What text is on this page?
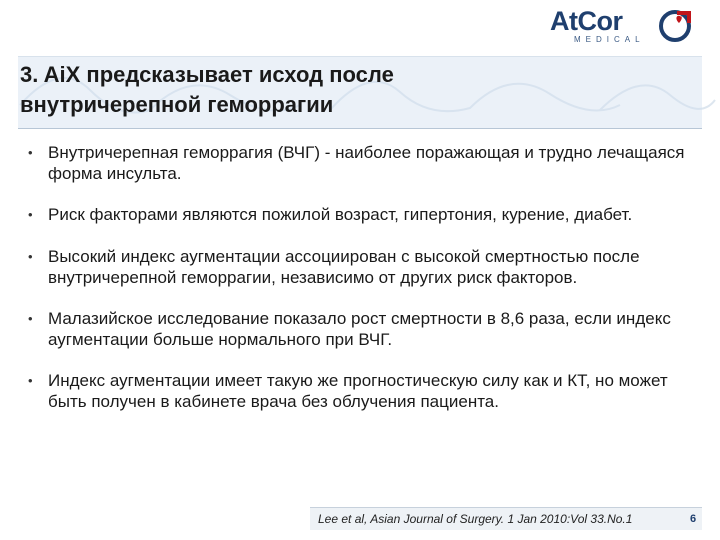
AtCor
MEDICAL
3. AiX предсказывает исход после внутричерепной геморрагии
• Внутричерепная геморрагия (ВЧГ) - наиболее поражающая и трудно лечащаяся форма инсульта.
• Риск факторами являются пожилой возраст, гипертония, курение, диабет.
• Высокий индекс аугментации ассоциирован с высокой смертностью после внутричерепной геморрагии, независимо от других риск факторов.
• Малазийское исследование показало рост смертности в 8,6 раза, если индекс аугментации больше нормального при ВЧГ.
• Индекс аугментации имеет такую же прогностическую силу как и КТ, но может быть получен в кабинете врача без облучения пациента.
Lee et al, Asian Journal of Surgery. 1 Jan 2010:Vol 33.No.1	6
